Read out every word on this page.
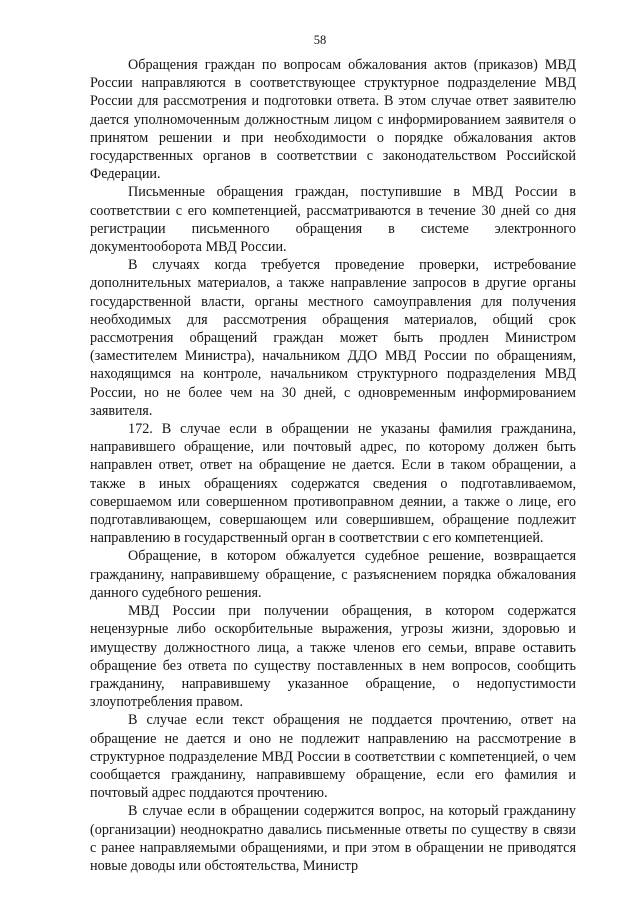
58

Обращения граждан по вопросам обжалования актов (приказов) МВД России направляются в соответствующее структурное подразделение МВД России для рассмотрения и подготовки ответа. В этом случае ответ заявителю дается уполномоченным должностным лицом с информированием заявителя о принятом решении и при необходимости о порядке обжалования актов государственных органов в соответствии с законодательством Российской Федерации.

Письменные обращения граждан, поступившие в МВД России в соответствии с его компетенцией, рассматриваются в течение 30 дней со дня регистрации письменного обращения в системе электронного документооборота МВД России.

В случаях когда требуется проведение проверки, истребование дополнительных материалов, а также направление запросов в другие органы государственной власти, органы местного самоуправления для получения необходимых для рассмотрения обращения материалов, общий срок рассмотрения обращений граждан может быть продлен Министром (заместителем Министра), начальником ДДО МВД России по обращениям, находящимся на контроле, начальником структурного подразделения МВД России, но не более чем на 30 дней, с одновременным информированием заявителя.

172. В случае если в обращении не указаны фамилия гражданина, направившего обращение, или почтовый адрес, по которому должен быть направлен ответ, ответ на обращение не дается. Если в таком обращении, а также в иных обращениях содержатся сведения о подготавливаемом, совершаемом или совершенном противоправном деянии, а также о лице, его подготавливающем, совершающем или совершившем, обращение подлежит направлению в государственный орган в соответствии с его компетенцией.

Обращение, в котором обжалуется судебное решение, возвращается гражданину, направившему обращение, с разъяснением порядка обжалования данного судебного решения.

МВД России при получении обращения, в котором содержатся нецензурные либо оскорбительные выражения, угрозы жизни, здоровью и имуществу должностного лица, а также членов его семьи, вправе оставить обращение без ответа по существу поставленных в нем вопросов, сообщить гражданину, направившему указанное обращение, о недопустимости злоупотребления правом.

В случае если текст обращения не поддается прочтению, ответ на обращение не дается и оно не подлежит направлению на рассмотрение в структурное подразделение МВД России в соответствии с компетенцией, о чем сообщается гражданину, направившему обращение, если его фамилия и почтовый адрес поддаются прочтению.

В случае если в обращении содержится вопрос, на который гражданину (организации) неоднократно давались письменные ответы по существу в связи с ранее направляемыми обращениями, и при этом в обращении не приводятся новые доводы или обстоятельства, Министр
